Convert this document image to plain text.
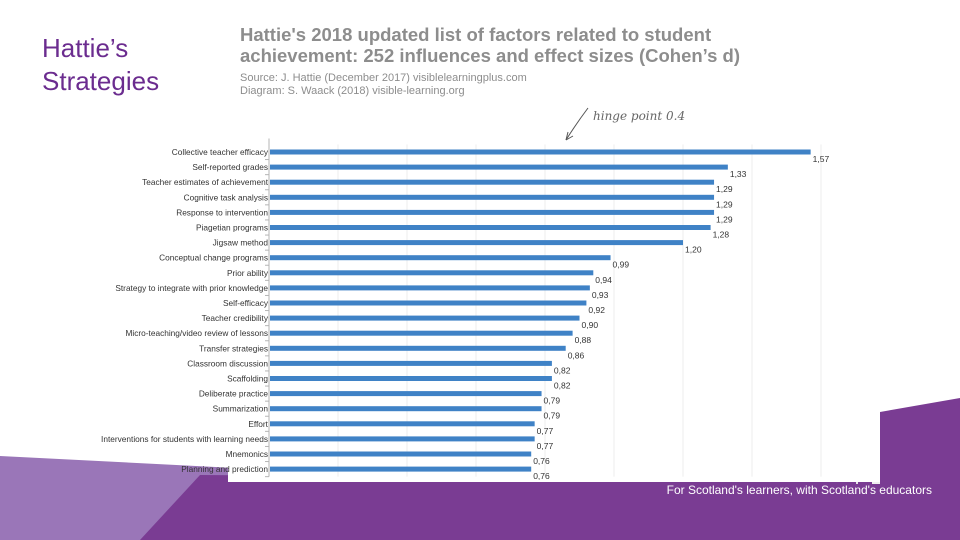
Hattie’s
Strategies
Hattie's 2018 updated list of factors related to student
achievement: 252 influences and effect sizes (Cohen’s d)
Source: J. Hattie (December 2017) visiblelearningplus.com
Diagram: S. Waack (2018) visible-learning.org
hinge point 0.4
Collective teacher efficacy
1,57
Self-reported grades
1,33
Teacher estimates of achievement
1,29
Cognitive task analysis
1,29
Response to intervention
1,29
Piagetian programs
1,28
Jigsaw method
1,20
Conceptual change programs
0,99
Prior ability
0,94
Strategy to integrate with prior knowledge
0,93
Self-efficacy
0,92
Teacher credibility
0,90
Micro-teaching/video review of lessons
0,88
Transfer strategies
0,86
Classroom discussion
0,82
Scaffolding
0,82
Deliberate practice
0,79
Summarization
0,79
Effort
0,77
Interventions for students with learning needs
0,77
Mnemonics
0,76
Planning and prediction
0,76
For Scotland's learners, with Scotland's educators
